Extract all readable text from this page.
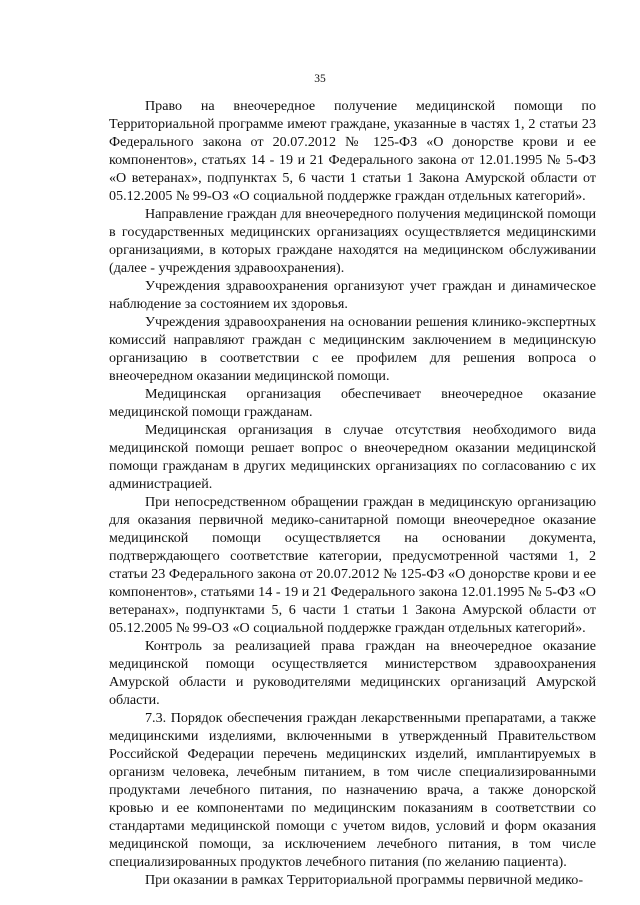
35

Право на внеочередное получение медицинской помощи по Территориальной программе имеют граждане, указанные в частях 1, 2 статьи 23 Федерального закона от 20.07.2012 № 125-ФЗ «О донорстве крови и ее компонентов», статьях 14 - 19 и 21 Федерального закона от 12.01.1995 № 5-ФЗ «О ветеранах», подпунктах 5, 6 части 1 статьи 1 Закона Амурской области от 05.12.2005 № 99-ОЗ «О социальной поддержке граждан отдельных категорий».

Направление граждан для внеочередного получения медицинской помощи в государственных медицинских организациях осуществляется медицинскими организациями, в которых граждане находятся на медицинском обслуживании (далее - учреждения здравоохранения).

Учреждения здравоохранения организуют учет граждан и динамическое наблюдение за состоянием их здоровья.

Учреждения здравоохранения на основании решения клинико-экспертных комиссий направляют граждан с медицинским заключением в медицинскую организацию в соответствии с ее профилем для решения вопроса о внеочередном оказании медицинской помощи.

Медицинская организация обеспечивает внеочередное оказание медицинской помощи гражданам.

Медицинская организация в случае отсутствия необходимого вида медицинской помощи решает вопрос о внеочередном оказании медицинской помощи гражданам в других медицинских организациях по согласованию с их администрацией.

При непосредственном обращении граждан в медицинскую организацию для оказания первичной медико-санитарной помощи внеочередное оказание медицинской помощи осуществляется на основании документа, подтверждающего соответствие категории, предусмотренной частями 1, 2 статьи 23 Федерального закона от 20.07.2012 № 125-ФЗ «О донорстве крови и ее компонентов», статьями 14 - 19 и 21 Федерального закона 12.01.1995 № 5-ФЗ «О ветеранах», подпунктами 5, 6 части 1 статьи 1 Закона Амурской области от 05.12.2005 № 99-ОЗ «О социальной поддержке граждан отдельных категорий».

Контроль за реализацией права граждан на внеочередное оказание медицинской помощи осуществляется министерством здравоохранения Амурской области и руководителями медицинских организаций Амурской области.

7.3. Порядок обеспечения граждан лекарственными препаратами, а также медицинскими изделиями, включенными в утвержденный Правительством Российской Федерации перечень медицинских изделий, имплантируемых в организм человека, лечебным питанием, в том числе специализированными продуктами лечебного питания, по назначению врача, а также донорской кровью и ее компонентами по медицинским показаниям в соответствии со стандартами медицинской помощи с учетом видов, условий и форм оказания медицинской помощи, за исключением лечебного питания, в том числе специализированных продуктов лечебного питания (по желанию пациента).

При оказании в рамках Территориальной программы первичной медико-
